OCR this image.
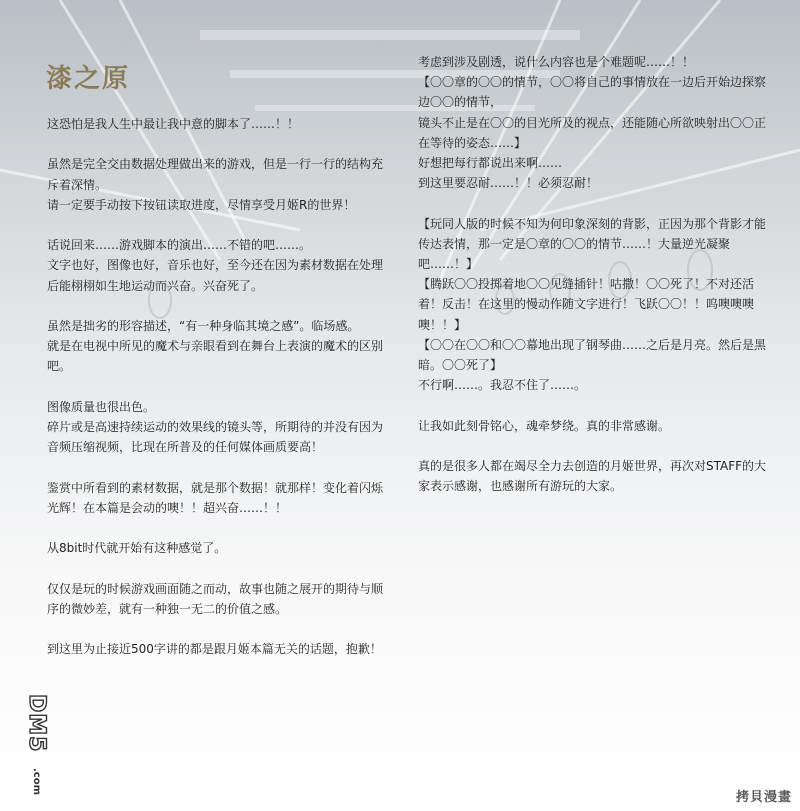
漆之原

这恐怕是我人生中最让我中意的脚本了……！！

虽然是完全交由数据处理做出来的游戏，但是一行一行的结构充斥着深情。

请一定要手动按下按钮读取进度，尽情享受月姬R的世界！

话说回来……游戏脚本的演出……不错的吧……。

文字也好，图像也好，音乐也好，至今还在因为素材数据在处理后能栩栩如生地运动而兴奋。兴奋死了。

虽然是拙劣的形容描述，“有一种身临其境之感”。临场感。

就是在电视中所见的魔术与亲眼看到在舞台上表演的魔术的区别吧。

图像质量也很出色。

碎片或是高速持续运动的效果线的镜头等，所期待的并没有因为音频压缩视频，比现在所普及的任何媒体画质要高！

鉴赏中所看到的素材数据，就是那个数据！就那样！变化着闪烁光辉！在本篇是会动的噢！！超兴奋……！！

从8bit时代就开始有这种感觉了。

仅仅是玩的时候游戏画面随之而动，故事也随之展开的期待与顺序的微妙差，就有一种独一无二的价值之感。

到这里为止接近500字讲的都是跟月姬本篇无关的话题，抱歉！

考虑到涉及剧透，说什么内容也是个难题呢……！！

【〇〇章的〇〇的情节，〇〇将自己的事情放在一边后开始边探察边〇〇的情节，

镜头不止是在〇〇的目光所及的视点，还能随心所欲映射出〇〇正在等待的姿态……】

好想把每行都说出来啊……

到这里要忍耐……！！必须忍耐！

【玩同人版的时候不知为何印象深刻的背影，正因为那个背影才能传达表情，那一定是〇章的〇〇的情节……！大量逆光凝聚吧……！】

【腾跃〇〇投掷着地〇〇见缝插针！咕撒！〇〇死了！不对还活着！反击！在这里的慢动作随文字进行！飞跃〇〇！！呜噢噢噢噢！！】

【〇〇在〇〇和〇〇幕地出现了钢琴曲……之后是月亮。然后是黑暗。〇〇死了】

不行啊……。我忍不住了……。

让我如此刻骨铭心，魂牵梦绕。真的非常感谢。

真的是很多人都在竭尽全力去创造的月姬世界，再次对STAFF的大家表示感谢，也感谢所有游玩的大家。

DM5
.com
拷貝漫畫
